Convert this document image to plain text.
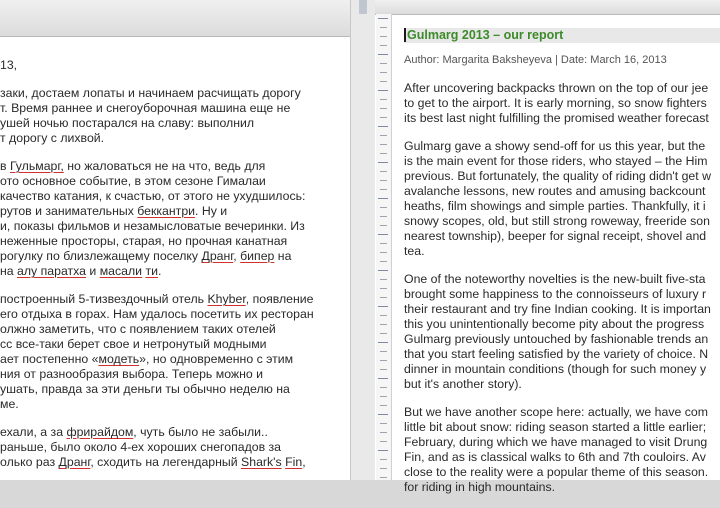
13,

заки, достаем лопаты и начинаем расчищать дорогу
т. Время раннее и снегоуборочная машина еще не
ушей ночью постарался на славу: выполнил
т дорогу с лихвой.

в Гульмарг, но жаловаться не на что, ведь для
ото основное событие, в этом сезоне Гималаи
качество катания, к счастью, от этого не ухудшилось:
рутов и занимательных беккантри. Ну и
и, показы фильмов и незамысловатые вечеринки. Из
неженные просторы, старая, но прочная канатная
рогулку по близлежащему поселку Дранг, бипер на
на алу паратха и масали ти.

построенный 5-тизвездочный отель Khyber, появление
его отдыха в горах. Нам удалось посетить их ресторан
олжно заметить, что с появлением таких отелей
сс все-таки берет свое и нетронутый модными
ает постепенно «модеть», но одновременно с этим
ния от разнообразия выбора. Теперь можно и
ушать, правда за эти деньги ты обычно неделю на
ме.

ехали, а за фрирайдом, чуть было не забыли..
раньше, было около 4-ех хороших снегопадов за
олько раз Дранг, сходить на легендарный Shark's Fin,

Gulmarg 2013 – our report
Author: Margarita Baksheyeva | Date: March 16, 2013

After uncovering backpacks thrown on the top of our jee
to get to the airport. It is early morning, so snow fighters
its best last night fulfilling the promised weather forecast

Gulmarg gave a showy send-off for us this year, but the
is the main event for those riders, who stayed – the Him
previous. But fortunately, the quality of riding didn't get w
avalanche lessons, new routes and amusing backcount
heaths, film showings and simple parties. Thankfully, it i
snowy scopes, old, but still strong roweway, freeride son
nearest township), beeper for signal receipt, shovel and
tea.

One of the noteworthy novelties is the new-built five-sta
brought some happiness to the connoisseurs of luxury r
their restaurant and try fine Indian cooking. It is importan
this you unintentionally become pity about the progress
Gulmarg previously untouched by fashionable trends an
that you start feeling satisfied by the variety of choice. N
dinner in mountain conditions (though for such money y
but it's another story).

But we have another scope here: actually, we have com
little bit about snow: riding season started a little earlier;
February, during which we have managed to visit Drung
Fin, and as is classical walks to 6th and 7th couloirs. Av
close to the reality were a popular theme of this season.
for riding in high mountains.
